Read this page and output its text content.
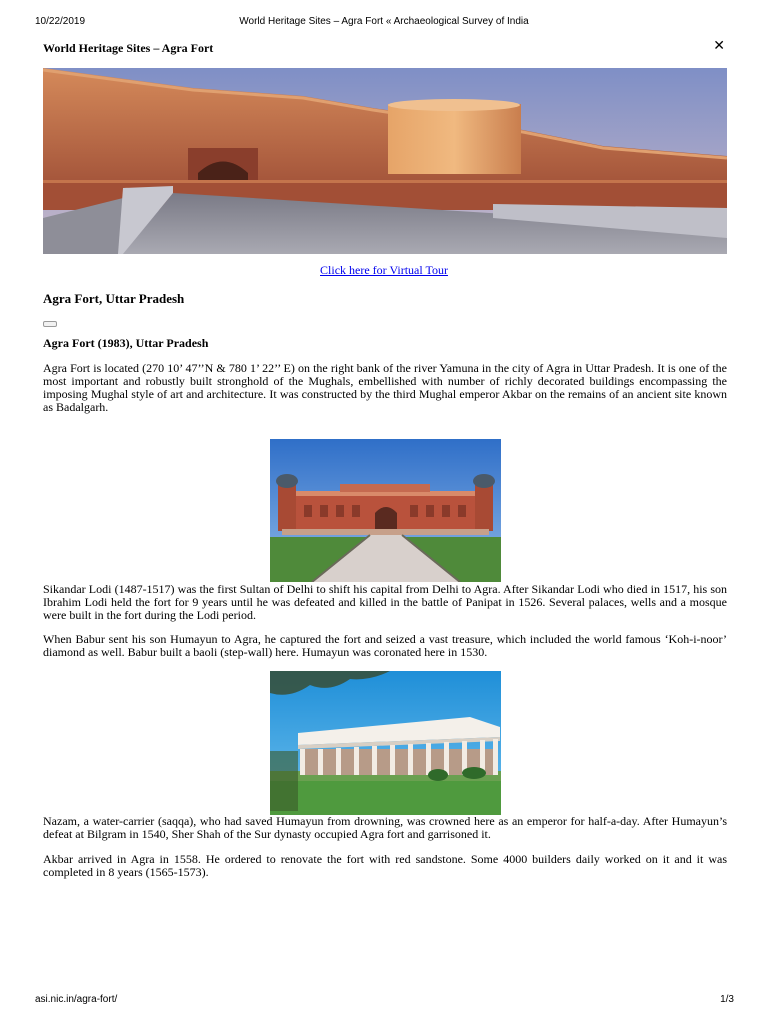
10/22/2019	World Heritage Sites – Agra Fort « Archaeological Survey of India
World Heritage Sites – Agra Fort	✕
Click here for Virtual Tour
Agra Fort, Uttar Pradesh
Agra Fort (1983), Uttar Pradesh

Agra Fort is located (270 10’ 47’’N & 780 1’ 22’’ E) on the right bank of the river Yamuna in the city of Agra in Uttar Pradesh. It is one of the most important and robustly built stronghold of the Mughals, embellished with number of richly decorated buildings encompassing the imposing Mughal style of art and architecture. It was constructed by the third Mughal emperor Akbar on the remains of an ancient site known as Badalgarh.

Sikandar Lodi (1487-1517) was the first Sultan of Delhi to shift his capital from Delhi to Agra. After Sikandar Lodi who died in 1517, his son Ibrahim Lodi held the fort for 9 years until he was defeated and killed in the battle of Panipat in 1526. Several palaces, wells and a mosque were built in the fort during the Lodi period.

When Babur sent his son Humayun to Agra, he captured the fort and seized a vast treasure, which included the world famous ‘Koh-i-noor’ diamond as well. Babur built a baoli (step-wall) here. Humayun was coronated here in 1530.

Nazam, a water-carrier (saqqa), who had saved Humayun from drowning, was crowned here as an emperor for half-a-day. After Humayun’s defeat at Bilgram in 1540, Sher Shah of the Sur dynasty occupied Agra fort and garrisoned it.

Akbar arrived in Agra in 1558. He ordered to renovate the fort with red sandstone. Some 4000 builders daily worked on it and it was completed in 8 years (1565-1573).

asi.nic.in/agra-fort/	1/3
